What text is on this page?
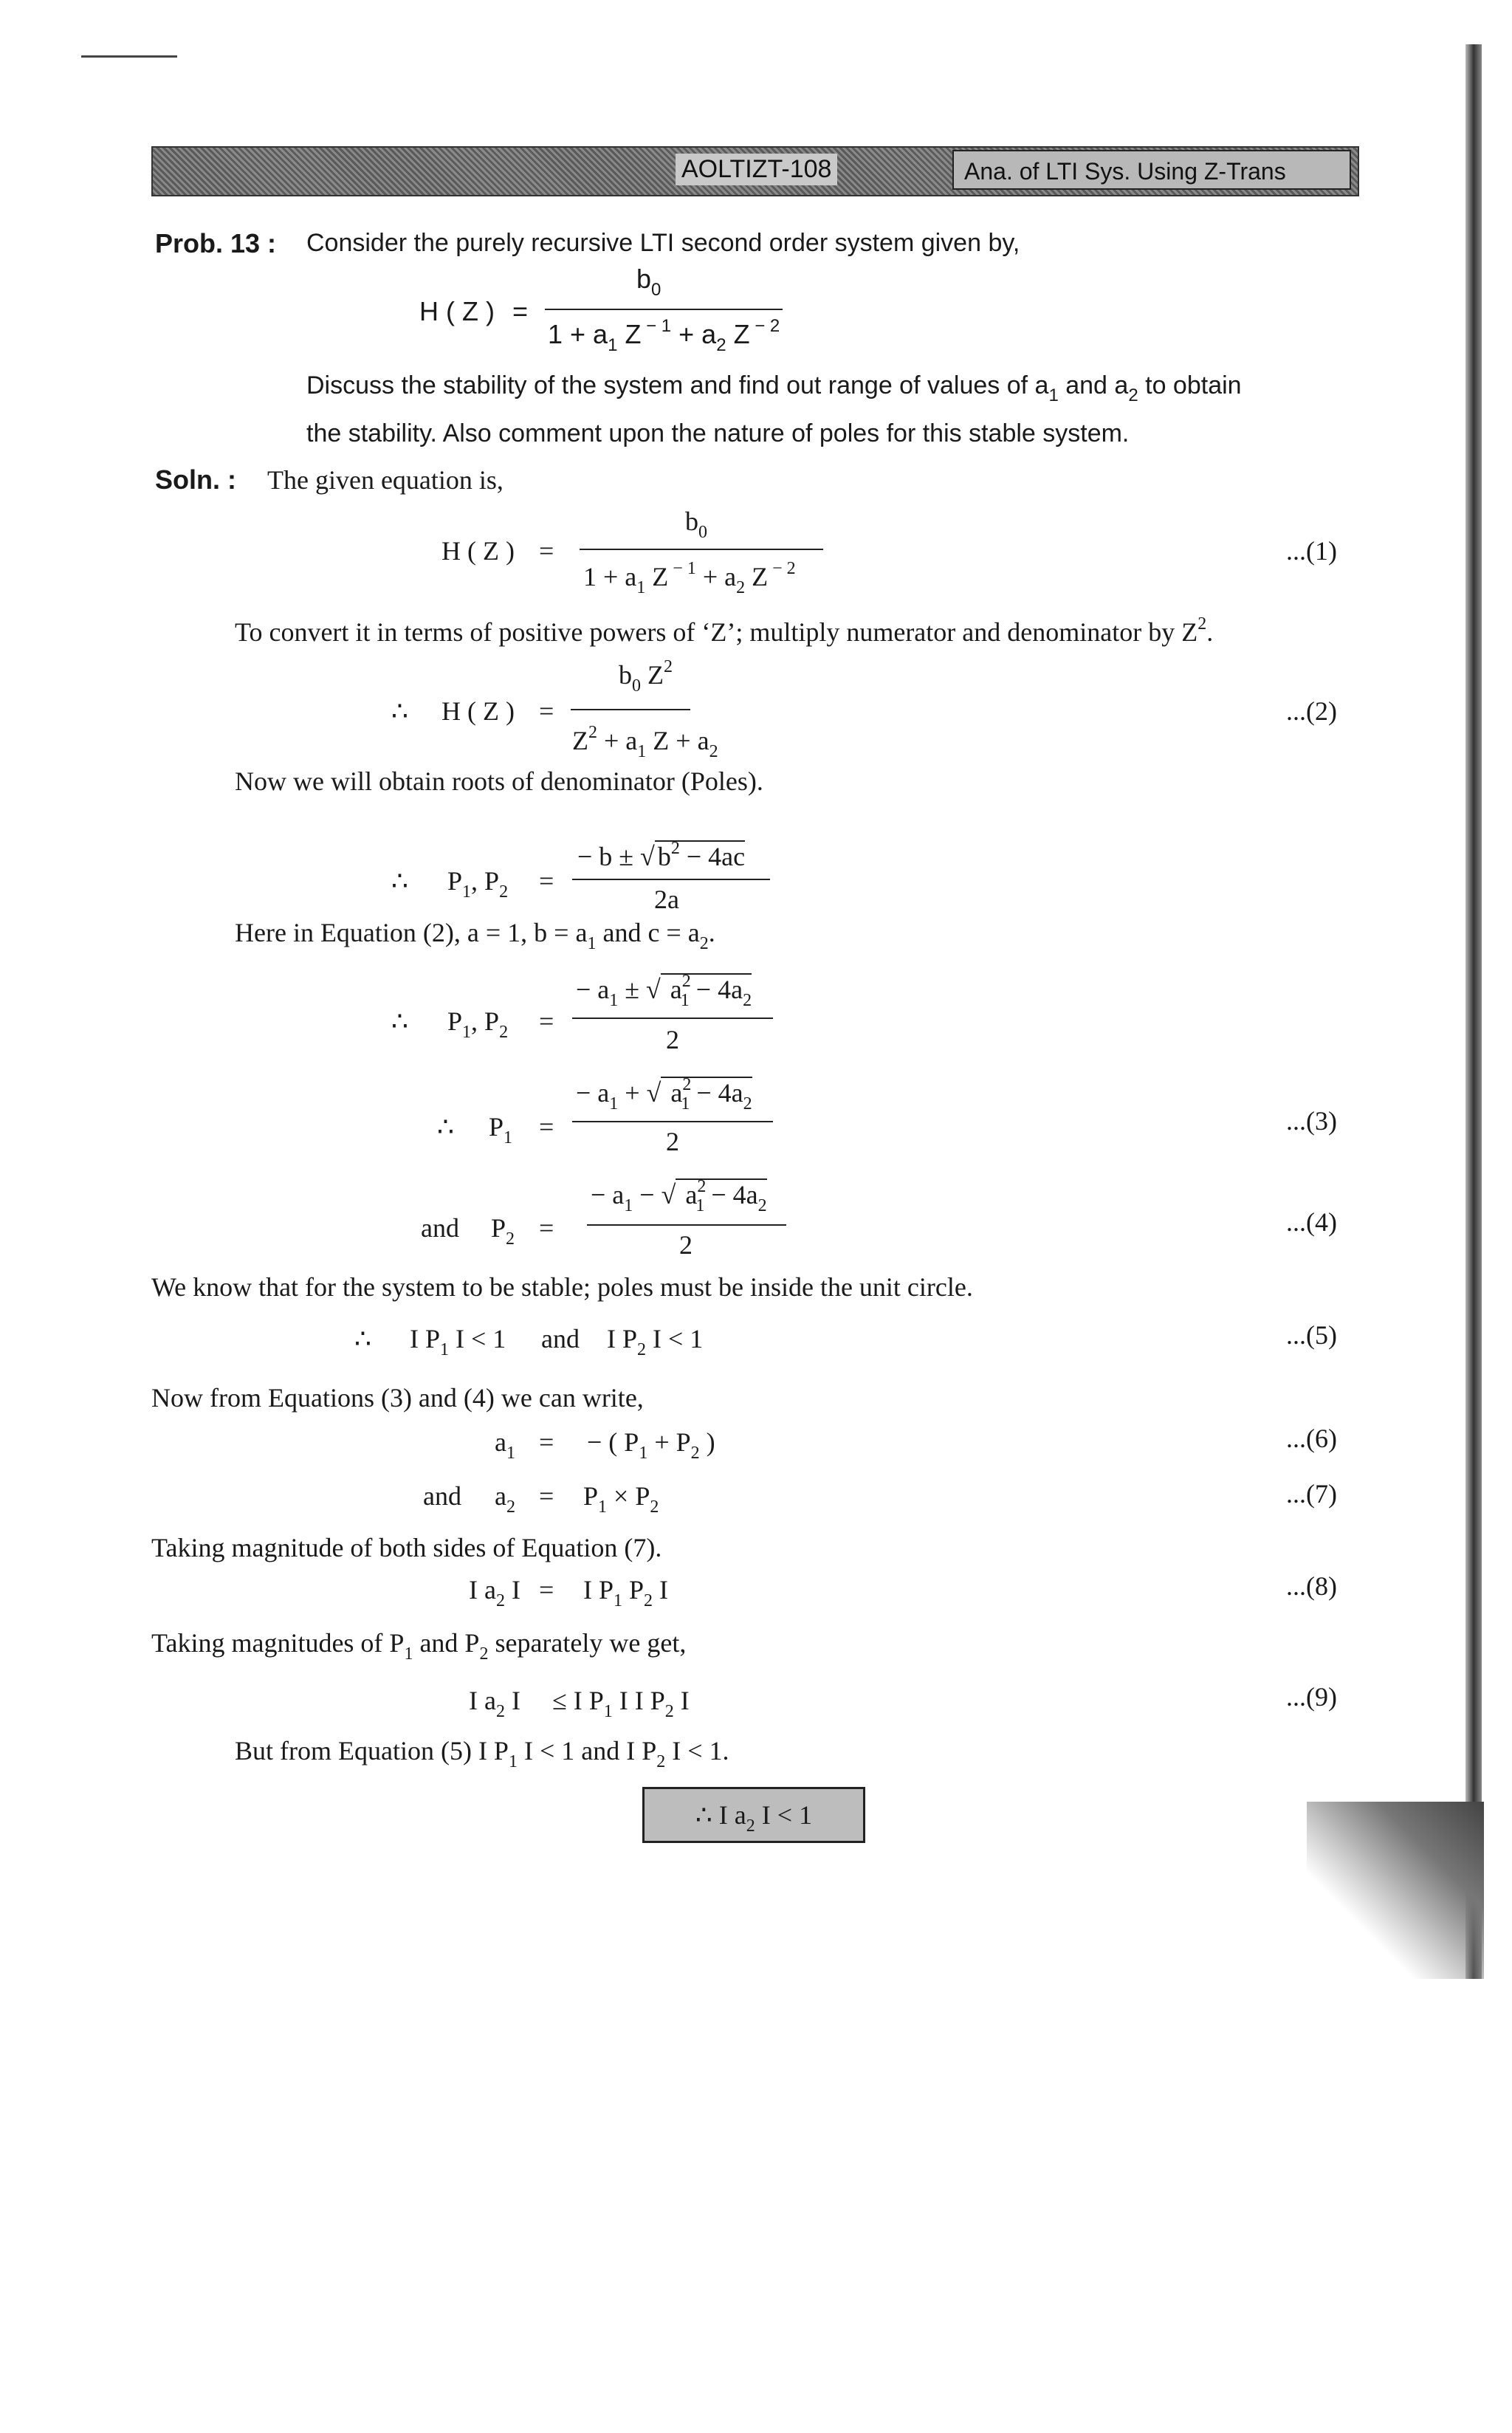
AOLTIZT-108	Ana. of LTI Sys. Using Z-Trans
Prob. 13 : Consider the purely recursive LTI second order system given by,
H ( Z ) =
$b_0$
$1 + a_1$ Z $^{- 1} + a_2$ Z $^{- 2}$
Discuss the stability of the system and find out range of values of $a_1$ and $a_2$ to obtain
the stability. Also comment upon the nature of poles for this stable system.
Soln. : The given equation is,
H ( Z ) =
$b_0$
$1 + a_1$ Z $^{- 1} + a_2$ Z $^{- 2}$
...(1)
To convert it in terms of positive powers of ‘Z’; multiply numerator and denominator by $Z^2$.
∴ H ( Z ) =
$b_0$ $Z^2$
$Z^2 + a_1$ $Z + a_2$
...(2)
Now we will obtain roots of denominator (Poles).
∴ $P_1$, $P_2$ =
− b ± √ $b^2 - 4ac$
2a
Here in Equation (2), a = 1, $b = a_1$ and $c = a_2$.
∴ $P_1$, $P_2$ =
− $a_1$ ± √ $a^2_1 - 4a_2$
2
∴ $P_1$ =
− $a_1$ + √ $a^2_1 - 4a_2$
2
...(3)
and $P_2$ =
− $a_1$ − √ $a^2_1 - 4a_2$
2
...(4)
We know that for the system to be stable; poles must be inside the unit circle.
∴ I $P_1$ I < 1 and I $P_2$ I < 1	...(5)
Now from Equations (3) and (4) we can write,
$a_1$ = − ( $P_1 + P_2$ )	...(6)
and $a_2 = P_1 \times P_2$	...(7)
Taking magnitude of both sides of Equation (7).
I $a_2$ I = I $P_1$ $P_2$ I	...(8)
Taking magnitudes of $P_1$ and $P_2$ separately we get,
I $a_2$ I ≤ I $P_1$ I I $P_2$ I	...(9)
But from Equation (5) I $P_1$ I < 1 and I $P_2$ I < 1.
∴ I $a_2$ I < 1
